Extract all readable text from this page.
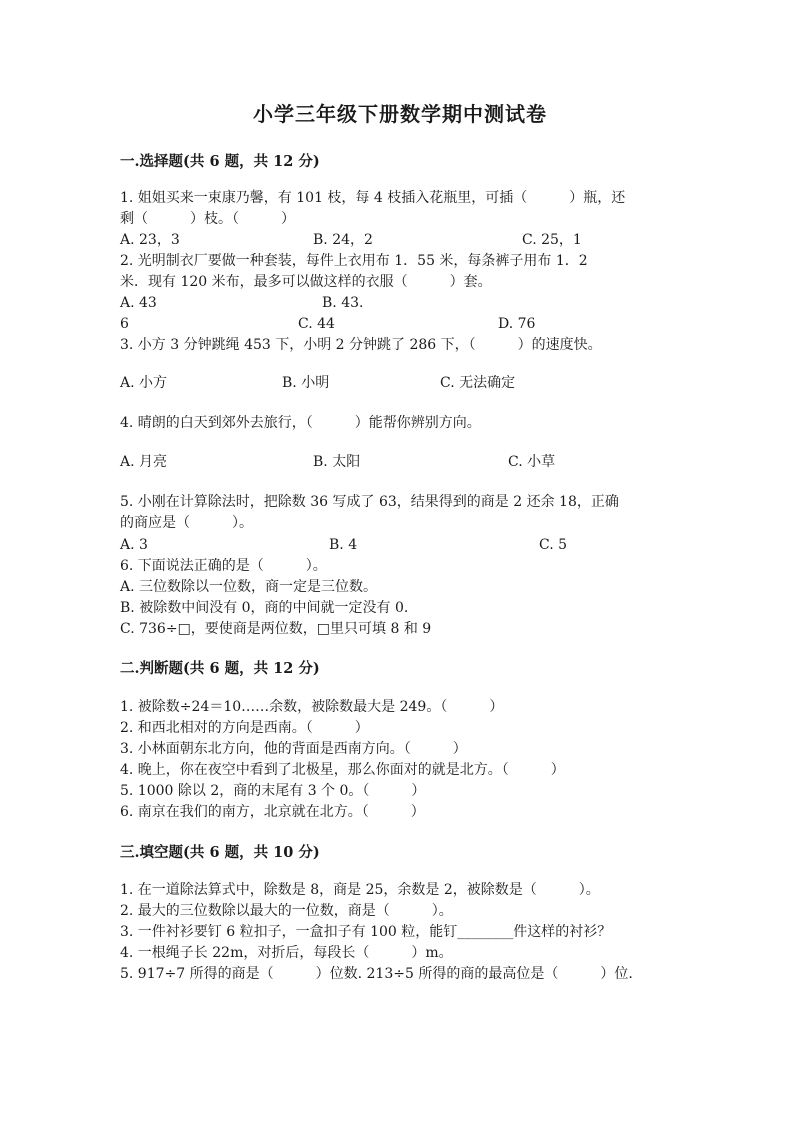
小学三年级下册数学期中测试卷
一.选择题(共 6 题，共 12 分)
1. 姐姐买来一束康乃馨，有 101 枝，每 4 枝插入花瓶里，可插（　　　）瓶，还
剩（　　　）枝。（　　　）
A. 23，3	B. 24，2	C. 25，1
2. 光明制衣厂要做一种套装，每件上衣用布 1．55 米，每条裤子用布 1．2
米．现有 120 米布，最多可以做这样的衣服（　　　）套。
A. 43	B. 43.
6	C. 44	D. 76
3. 小方 3 分钟跳绳 453 下，小明 2 分钟跳了 286 下，（　　　）的速度快。
A. 小方	B. 小明	C. 无法确定
4. 晴朗的白天到郊外去旅行，（　　　）能帮你辨别方向。
A. 月亮	B. 太阳	C. 小草
5. 小刚在计算除法时，把除数 36 写成了 63，结果得到的商是 2 还余 18，正确
的商应是（　　　）。
A. 3	B. 4	C. 5
6. 下面说法正确的是（　　　）。
A. 三位数除以一位数，商一定是三位数。
B. 被除数中间没有 0，商的中间就一定没有 0.
C. 736÷□，要使商是两位数，□里只可填 8 和 9
二.判断题(共 6 题，共 12 分)
1. 被除数÷24＝10……余数，被除数最大是 249。（　　　）
2. 和西北相对的方向是西南。（　　　）
3. 小林面朝东北方向，他的背面是西南方向。（　　　）
4. 晚上，你在夜空中看到了北极星，那么你面对的就是北方。（　　　）
5. 1000 除以 2，商的末尾有 3 个 0。（　　　）
6. 南京在我们的南方，北京就在北方。（　　　）
三.填空题(共 6 题，共 10 分)
1. 在一道除法算式中，除数是 8，商是 25，余数是 2，被除数是（　　　）。
2. 最大的三位数除以最大的一位数，商是（　　　）。
3. 一件衬衫要钉 6 粒扣子，一盒扣子有 100 粒，能钉________件这样的衬衫？
4. 一根绳子长 22m，对折后，每段长（　　　）m。
5. 917÷7 所得的商是（　　　）位数. 213÷5 所得的商的最高位是（　　　）位.
